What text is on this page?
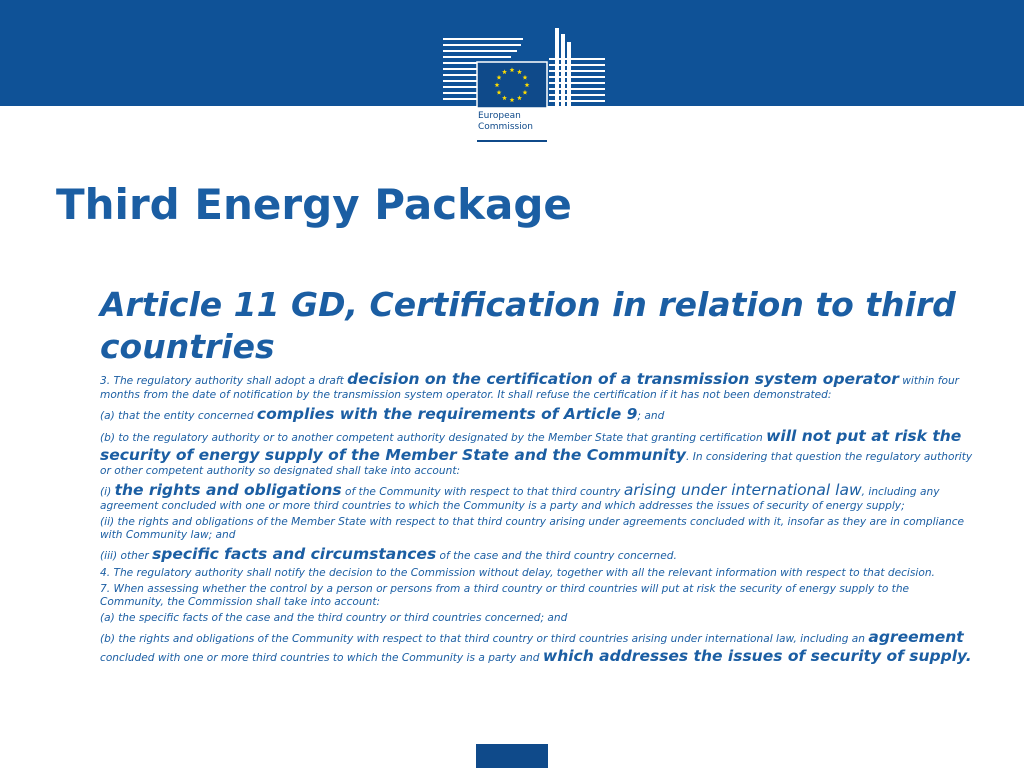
European
Commission
Third Energy Package
Article 11 GD, Certification in relation to third countries

3. The regulatory authority shall adopt a draft decision on the certification of a transmission system operator within four months from the date of notification by the transmission system operator. It shall refuse the certification if it has not been demonstrated:

(a) that the entity concerned complies with the requirements of Article 9; and

(b) to the regulatory authority or to another competent authority designated by the Member State that granting certification will not put at risk the security of energy supply of the Member State and the Community. In considering that question the regulatory authority or other competent authority so designated shall take into account:

(i) the rights and obligations of the Community with respect to that third country arising under international law, including any agreement concluded with one or more third countries to which the Community is a party and which addresses the issues of security of energy supply;

(ii) the rights and obligations of the Member State with respect to that third country arising under agreements concluded with it, insofar as they are in compliance with Community law; and

(iii) other specific facts and circumstances of the case and the third country concerned.

4. The regulatory authority shall notify the decision to the Commission without delay, together with all the relevant information with respect to that decision.

7. When assessing whether the control by a person or persons from a third country or third countries will put at risk the security of energy supply to the Community, the Commission shall take into account:

(a) the specific facts of the case and the third country or third countries concerned; and

(b) the rights and obligations of the Community with respect to that third country or third countries arising under international law, including an agreement concluded with one or more third countries to which the Community is a party and which addresses the issues of security of supply.
